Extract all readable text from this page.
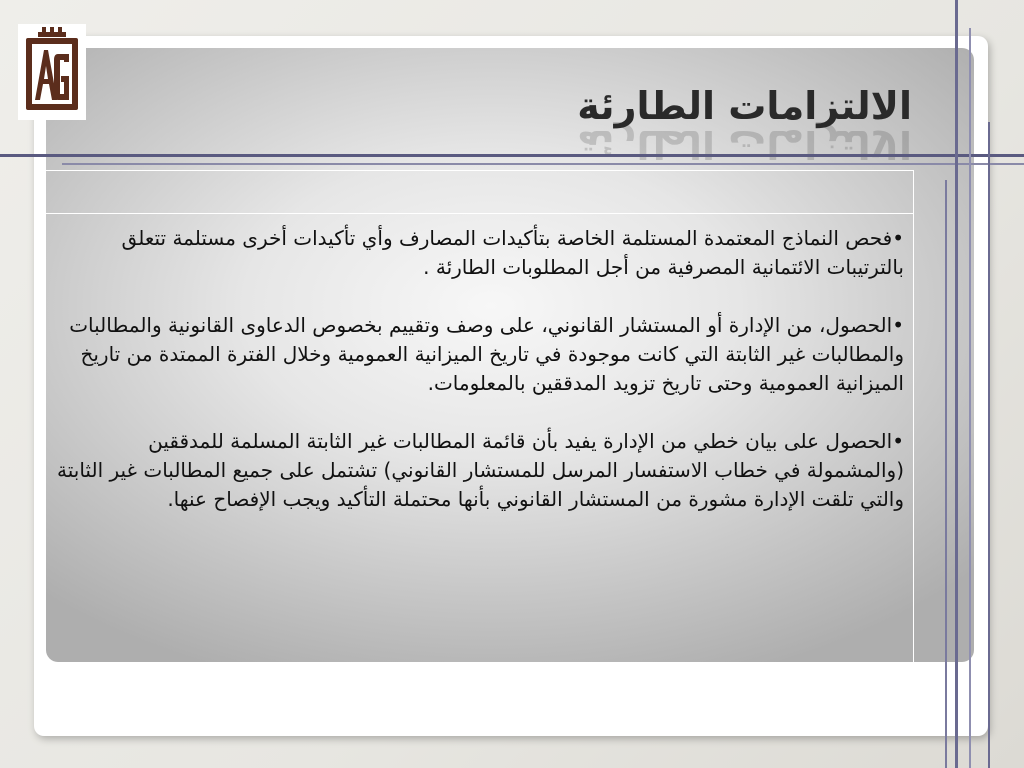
الالتزامات الطارئة
•فحص النماذج المعتمدة المستلمة الخاصة بتأكيدات المصارف وأي تأكيدات أخرى مستلمة تتعلق بالترتيبات الائتمانية المصرفية من أجل المطلوبات الطارئة .
•الحصول، من الإدارة أو المستشار القانوني، على وصف وتقييم بخصوص الدعاوى القانونية والمطالبات والمطالبات غير الثابتة التي كانت موجودة في تاريخ الميزانية العمومية وخلال الفترة الممتدة من تاريخ الميزانية العمومية وحتى تاريخ تزويد المدققين بالمعلومات.
•الحصول على بيان خطي من الإدارة يفيد بأن قائمة المطالبات غير الثابتة المسلمة للمدققين (والمشمولة في خطاب الاستفسار المرسل للمستشار القانوني) تشتمل على جميع المطالبات غير الثابتة والتي تلقت الإدارة مشورة من المستشار القانوني بأنها محتملة التأكيد ويجب الإفصاح عنها.
